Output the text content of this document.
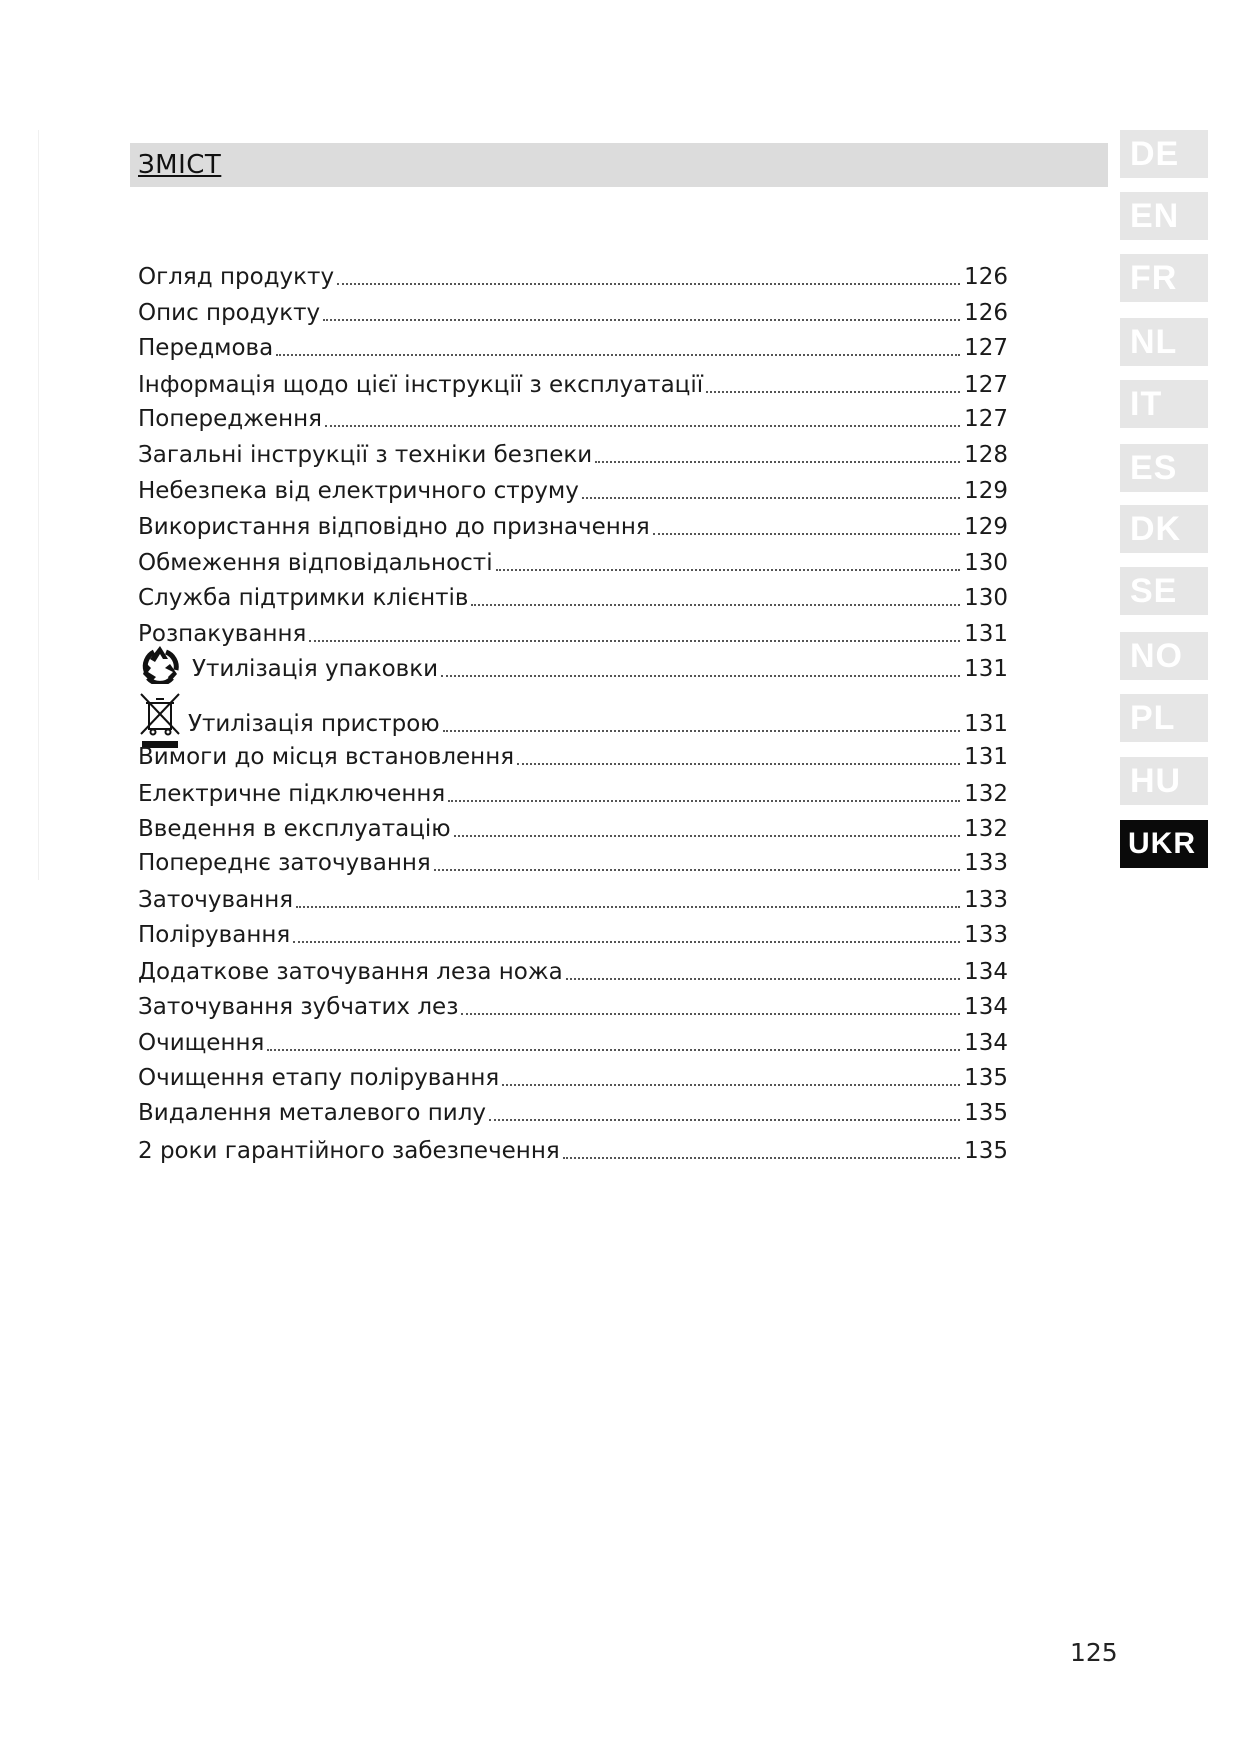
ЗМІСТ
Огляд продукту	126
Опис продукту	126
Передмова	127
Інформація щодо цієї інструкції з експлуатації	127
Попередження	127
Загальні інструкції з техніки безпеки	128
Небезпека від електричного струму	129
Використання відповідно до призначення	129
Обмеження відповідальності	130
Служба підтримки клієнтів	130
Розпакування	131
Утилізація упаковки	131
Утилізація пристрою	131
Вимоги до місця встановлення	131
Електричне підключення	132
Введення в експлуатацію	132
Попереднє заточування	133
Заточування	133
Полірування	133
Додаткове заточування леза ножа	134
Заточування зубчатих лез	134
Очищення	134
Очищення етапу полірування	135
Видалення металевого пилу	135
2 роки гарантійного забезпечення	135
DE
EN
FR
NL
IT
ES
DK
SE
NO
PL
HU
UKR
125
